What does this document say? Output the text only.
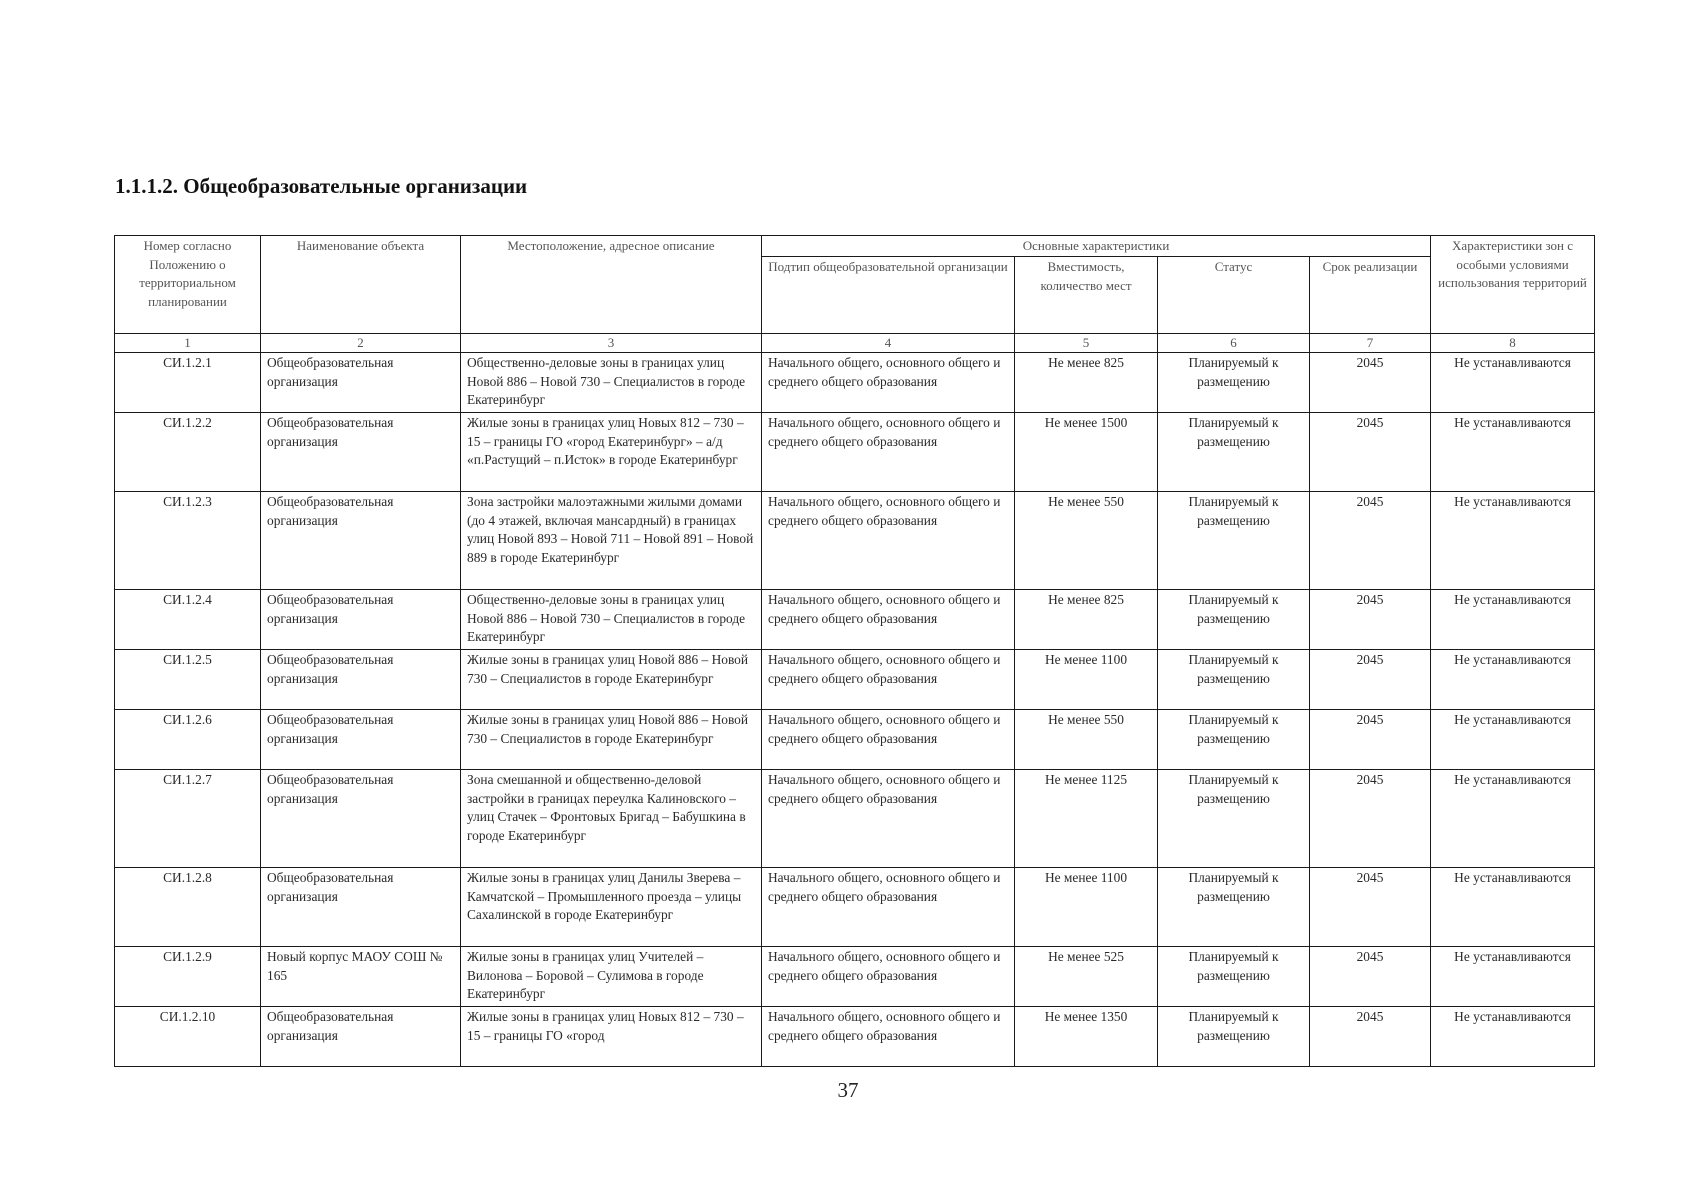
1.1.1.2. Общеобразовательные организации
Номер согласно Положению о территориальном планировании	Наименование объекта	Местоположение, адресное описание	Основные характеристики				Характеристики зон с особыми условиями использования территорий
			Подтип общеобразовательной организации	Вместимость, количество мест	Статус	Срок реализации	
1	2	3	4	5	6	7	8
СИ.1.2.1	Общеобразовательная организация	Общественно-деловые зоны в границах улиц Новой 886 – Новой 730 – Специалистов в городе Екатеринбург	Начального общего, основного общего и среднего общего образования	Не менее 825	Планируемый к размещению	2045	Не устанавливаются
СИ.1.2.2	Общеобразовательная организация	Жилые зоны в границах улиц Новых 812 – 730 – 15 – границы ГО «город Екатеринбург» – а/д «п.Растущий – п.Исток» в городе Екатеринбург	Начального общего, основного общего и среднего общего образования	Не менее 1500	Планируемый к размещению	2045	Не устанавливаются
СИ.1.2.3	Общеобразовательная организация	Зона застройки малоэтажными жилыми домами (до 4 этажей, включая мансардный) в границах улиц Новой 893 – Новой 711 – Новой 891 – Новой 889 в городе Екатеринбург	Начального общего, основного общего и среднего общего образования	Не менее 550	Планируемый к размещению	2045	Не устанавливаются
СИ.1.2.4	Общеобразовательная организация	Общественно-деловые зоны в границах улиц Новой 886 – Новой 730 – Специалистов в городе Екатеринбург	Начального общего, основного общего и среднего общего образования	Не менее 825	Планируемый к размещению	2045	Не устанавливаются
СИ.1.2.5	Общеобразовательная организация	Жилые зоны в границах улиц Новой 886 – Новой 730 – Специалистов в городе Екатеринбург	Начального общего, основного общего и среднего общего образования	Не менее 1100	Планируемый к размещению	2045	Не устанавливаются
СИ.1.2.6	Общеобразовательная организация	Жилые зоны в границах улиц Новой 886 – Новой 730 – Специалистов в городе Екатеринбург	Начального общего, основного общего и среднего общего образования	Не менее 550	Планируемый к размещению	2045	Не устанавливаются
СИ.1.2.7	Общеобразовательная организация	Зона смешанной и общественно-деловой застройки в границах переулка Калиновского – улиц Стачек – Фронтовых Бригад – Бабушкина в городе Екатеринбург	Начального общего, основного общего и среднего общего образования	Не менее 1125	Планируемый к размещению	2045	Не устанавливаются
СИ.1.2.8	Общеобразовательная организация	Жилые зоны в границах улиц Данилы Зверева – Камчатской – Промышленного проезда – улицы Сахалинской в городе Екатеринбург	Начального общего, основного общего и среднего общего образования	Не менее 1100	Планируемый к размещению	2045	Не устанавливаются
СИ.1.2.9	Новый корпус МАОУ СОШ № 165	Жилые зоны в границах улиц Учителей – Вилонова – Боровой – Сулимова в городе Екатеринбург	Начального общего, основного общего и среднего общего образования	Не менее 525	Планируемый к размещению	2045	Не устанавливаются
СИ.1.2.10	Общеобразовательная организация	Жилые зоны в границах улиц Новых 812 – 730 – 15 – границы ГО «город	Начального общего, основного общего и среднего общего образования	Не менее 1350	Планируемый к размещению	2045	Не устанавливаются
37
